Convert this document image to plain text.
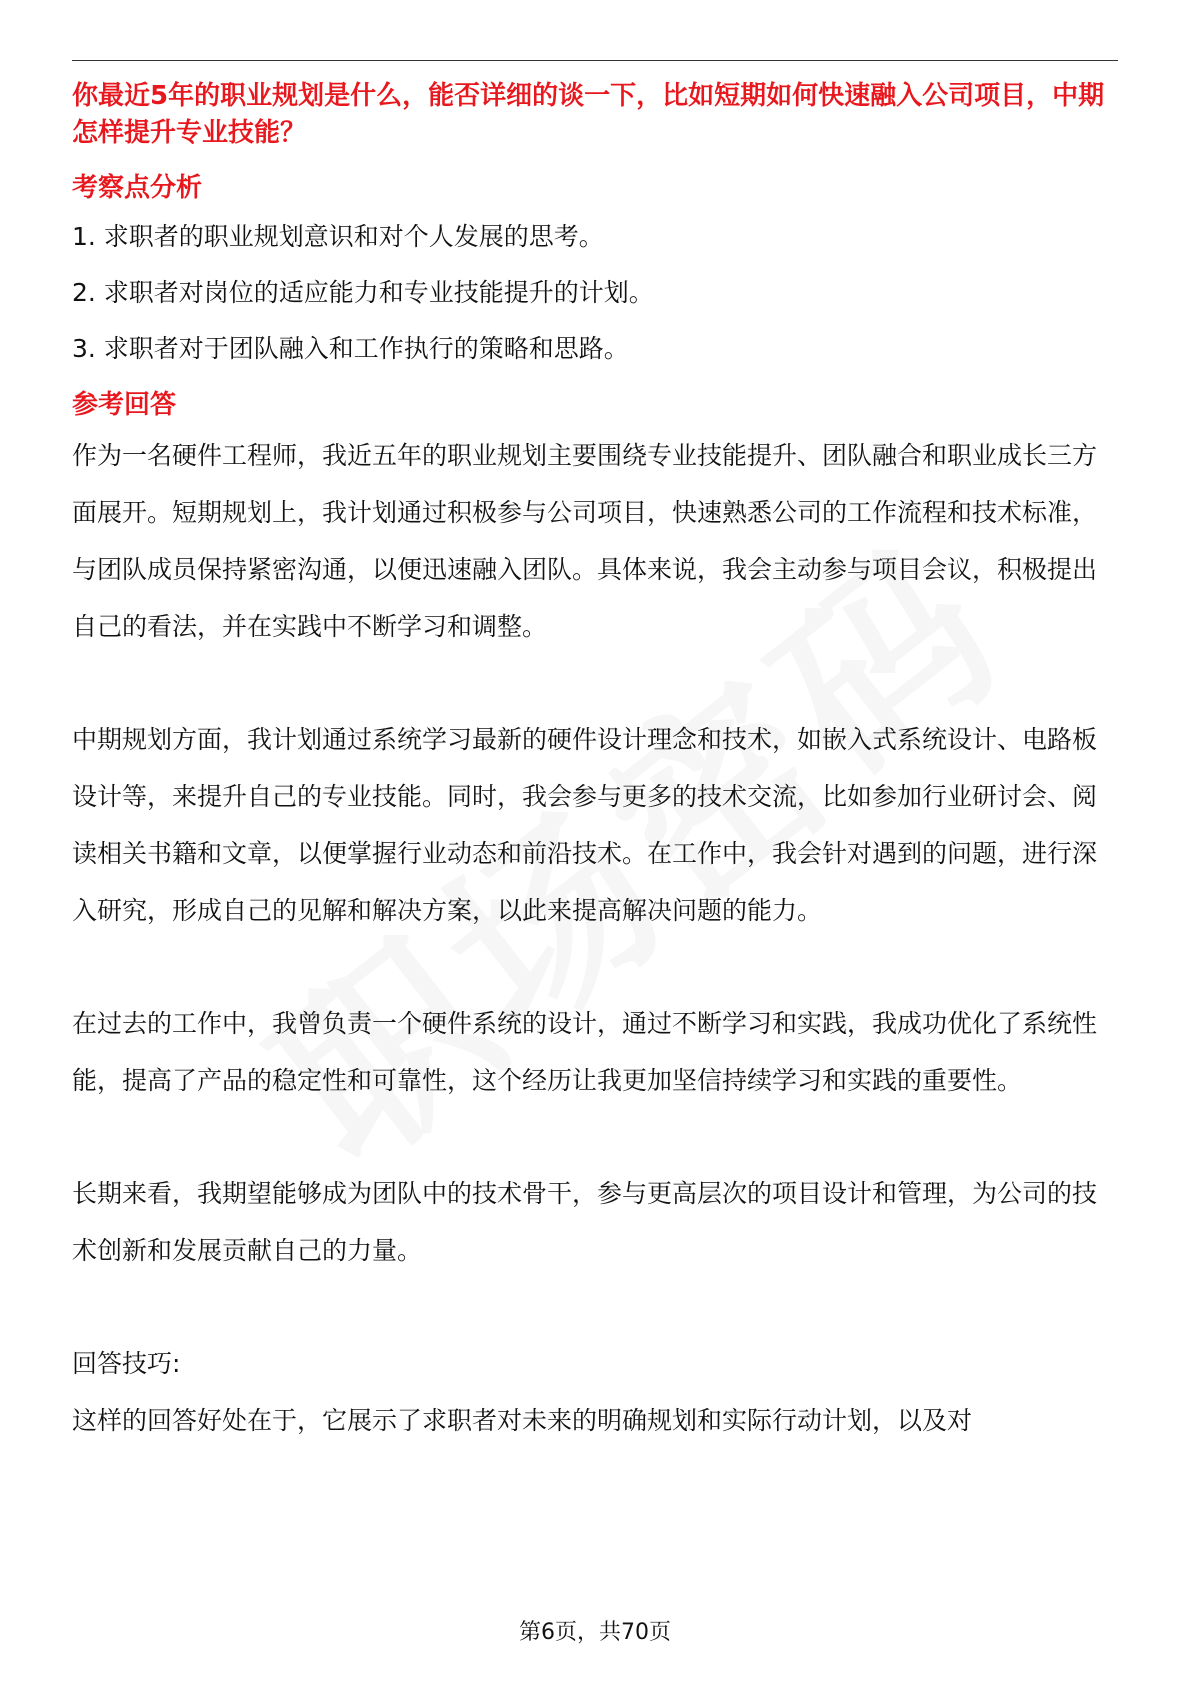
你最近5年的职业规划是什么，能否详细的谈一下，比如短期如何快速融入公司项目，中期怎样提升专业技能？

考察点分析
1. 求职者的职业规划意识和对个人发展的思考。
2. 求职者对岗位的适应能力和专业技能提升的计划。
3. 求职者对于团队融入和工作执行的策略和思路。
参考回答

作为一名硬件工程师，我近五年的职业规划主要围绕专业技能提升、团队融合和职业成长三方面展开。短期规划上，我计划通过积极参与公司项目，快速熟悉公司的工作流程和技术标准，与团队成员保持紧密沟通，以便迅速融入团队。具体来说，我会主动参与项目会议，积极提出自己的看法，并在实践中不断学习和调整。

中期规划方面，我计划通过系统学习最新的硬件设计理念和技术，如嵌入式系统设计、电路板设计等，来提升自己的专业技能。同时，我会参与更多的技术交流，比如参加行业研讨会、阅读相关书籍和文章，以便掌握行业动态和前沿技术。在工作中，我会针对遇到的问题，进行深入研究，形成自己的见解和解决方案，以此来提高解决问题的能力。

在过去的工作中，我曾负责一个硬件系统的设计，通过不断学习和实践，我成功优化了系统性能，提高了产品的稳定性和可靠性，这个经历让我更加坚信持续学习和实践的重要性。

长期来看，我期望能够成为团队中的技术骨干，参与更高层次的项目设计和管理，为公司的技术创新和发展贡献自己的力量。

回答技巧:

这样的回答好处在于，它展示了求职者对未来的明确规划和实际行动计划，以及对

第6页，共70页
